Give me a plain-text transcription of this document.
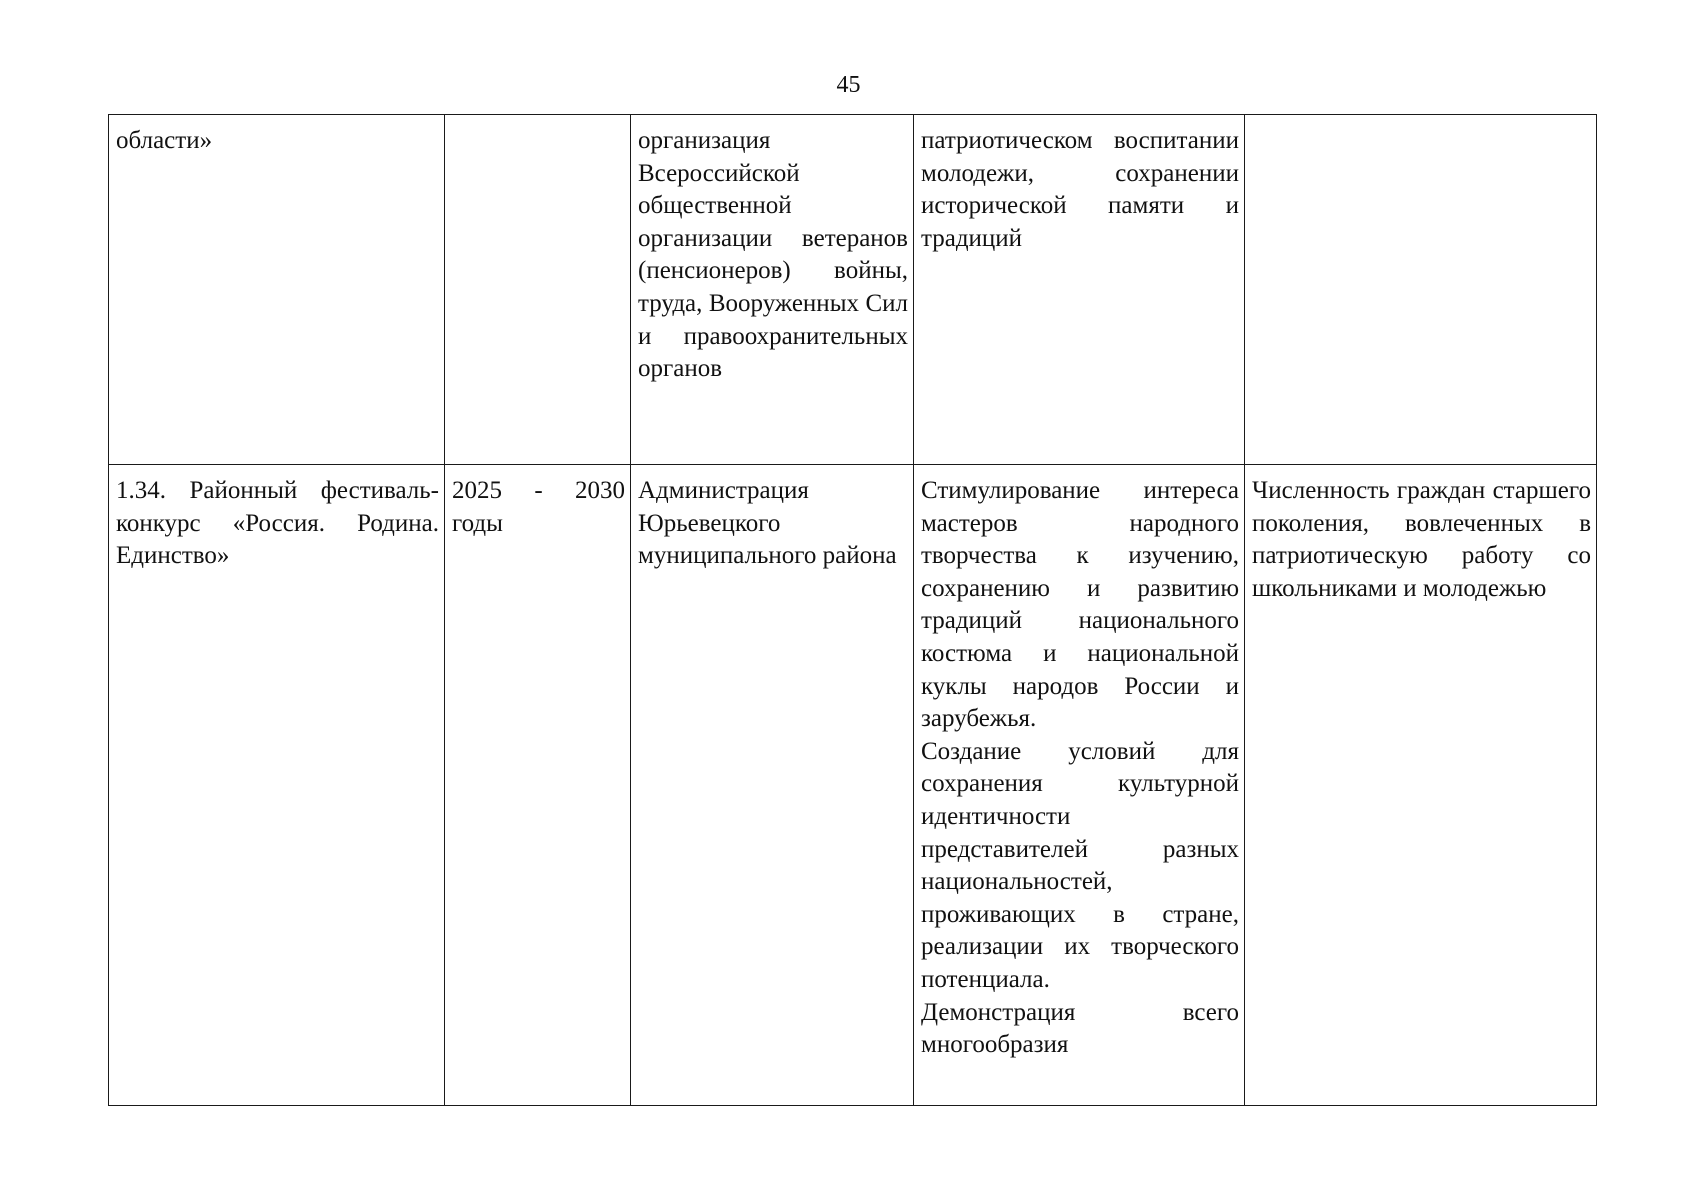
45
области»		организация Всероссийской общественной организации ветеранов (пенсионеров) войны, труда, Вооруженных Сил и правоохранительных органов	патриотическом воспитании молодежи, сохранении исторической памяти и традиций	
1.34. Районный фестиваль-конкурс «Россия. Родина. Единство»	2025 - 2030 годы	Администрация Юрьевецкого муниципального района	Стимулирование интереса мастеров народного творчества к изучению, сохранению и развитию традиций национального костюма и национальной куклы народов России и зарубежья.
Создание условий для сохранения культурной идентичности представителей разных национальностей, проживающих в стране, реализации их творческого потенциала.
Демонстрация всего многообразия	Численность граждан старшего поколения, вовлеченных в патриотическую работу со школьниками и молодежью
